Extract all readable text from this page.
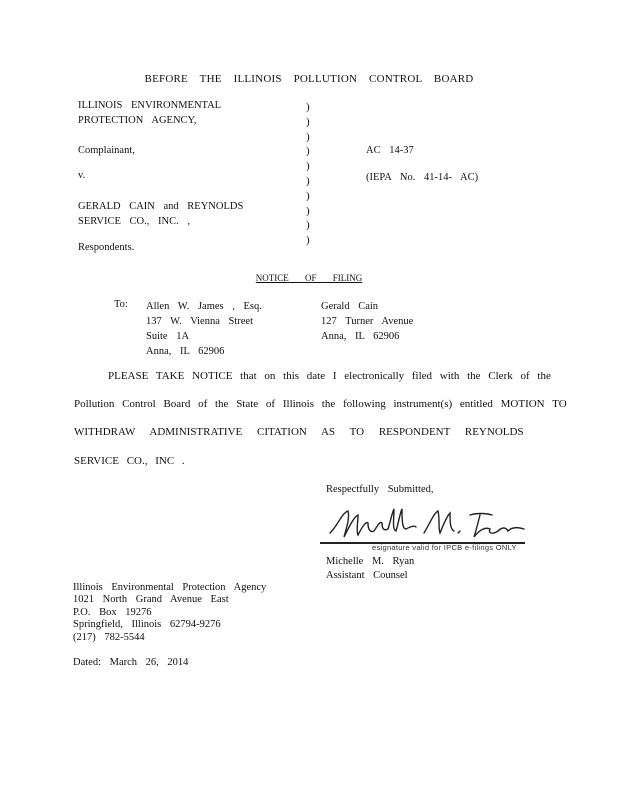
BEFORE THE ILLINOIS POLLUTION CONTROL BOARD
ILLINOIS ENVIRONMENTAL
PROTECTION AGENCY,
Complainant,
v.
GERALD CAIN and REYNOLDS
SERVICE CO., INC. ,
Respondents.
)
)
)
)
)
)
)
)
)
)
AC 14-37
(IEPA No. 41-14- AC)
NOTICE OF FILING
To: Allen W. James , Esq.
137 W. Vienna Street
Suite 1A
Anna, IL 62906
Gerald Cain
127 Turner Avenue
Anna, IL 62906
PLEASE TAKE NOTICE that on this date I electronically filed with the Clerk of the
Pollution Control Board of the State of Illinois the following instrument(s) entitled MOTION TO
WITHDRAW ADMINISTRATIVE CITATION AS TO RESPONDENT REYNOLDS
SERVICE CO., INC .
Respectfully Submitted,
esignature valid for IPCB e-filings ONLY
Michelle M. Ryan
Assistant Counsel
Illinois Environmental Protection Agency
1021 North Grand Avenue East
P.O. Box 19276
Springfield, Illinois 62794-9276
(217) 782-5544
Dated: March 26, 2014
